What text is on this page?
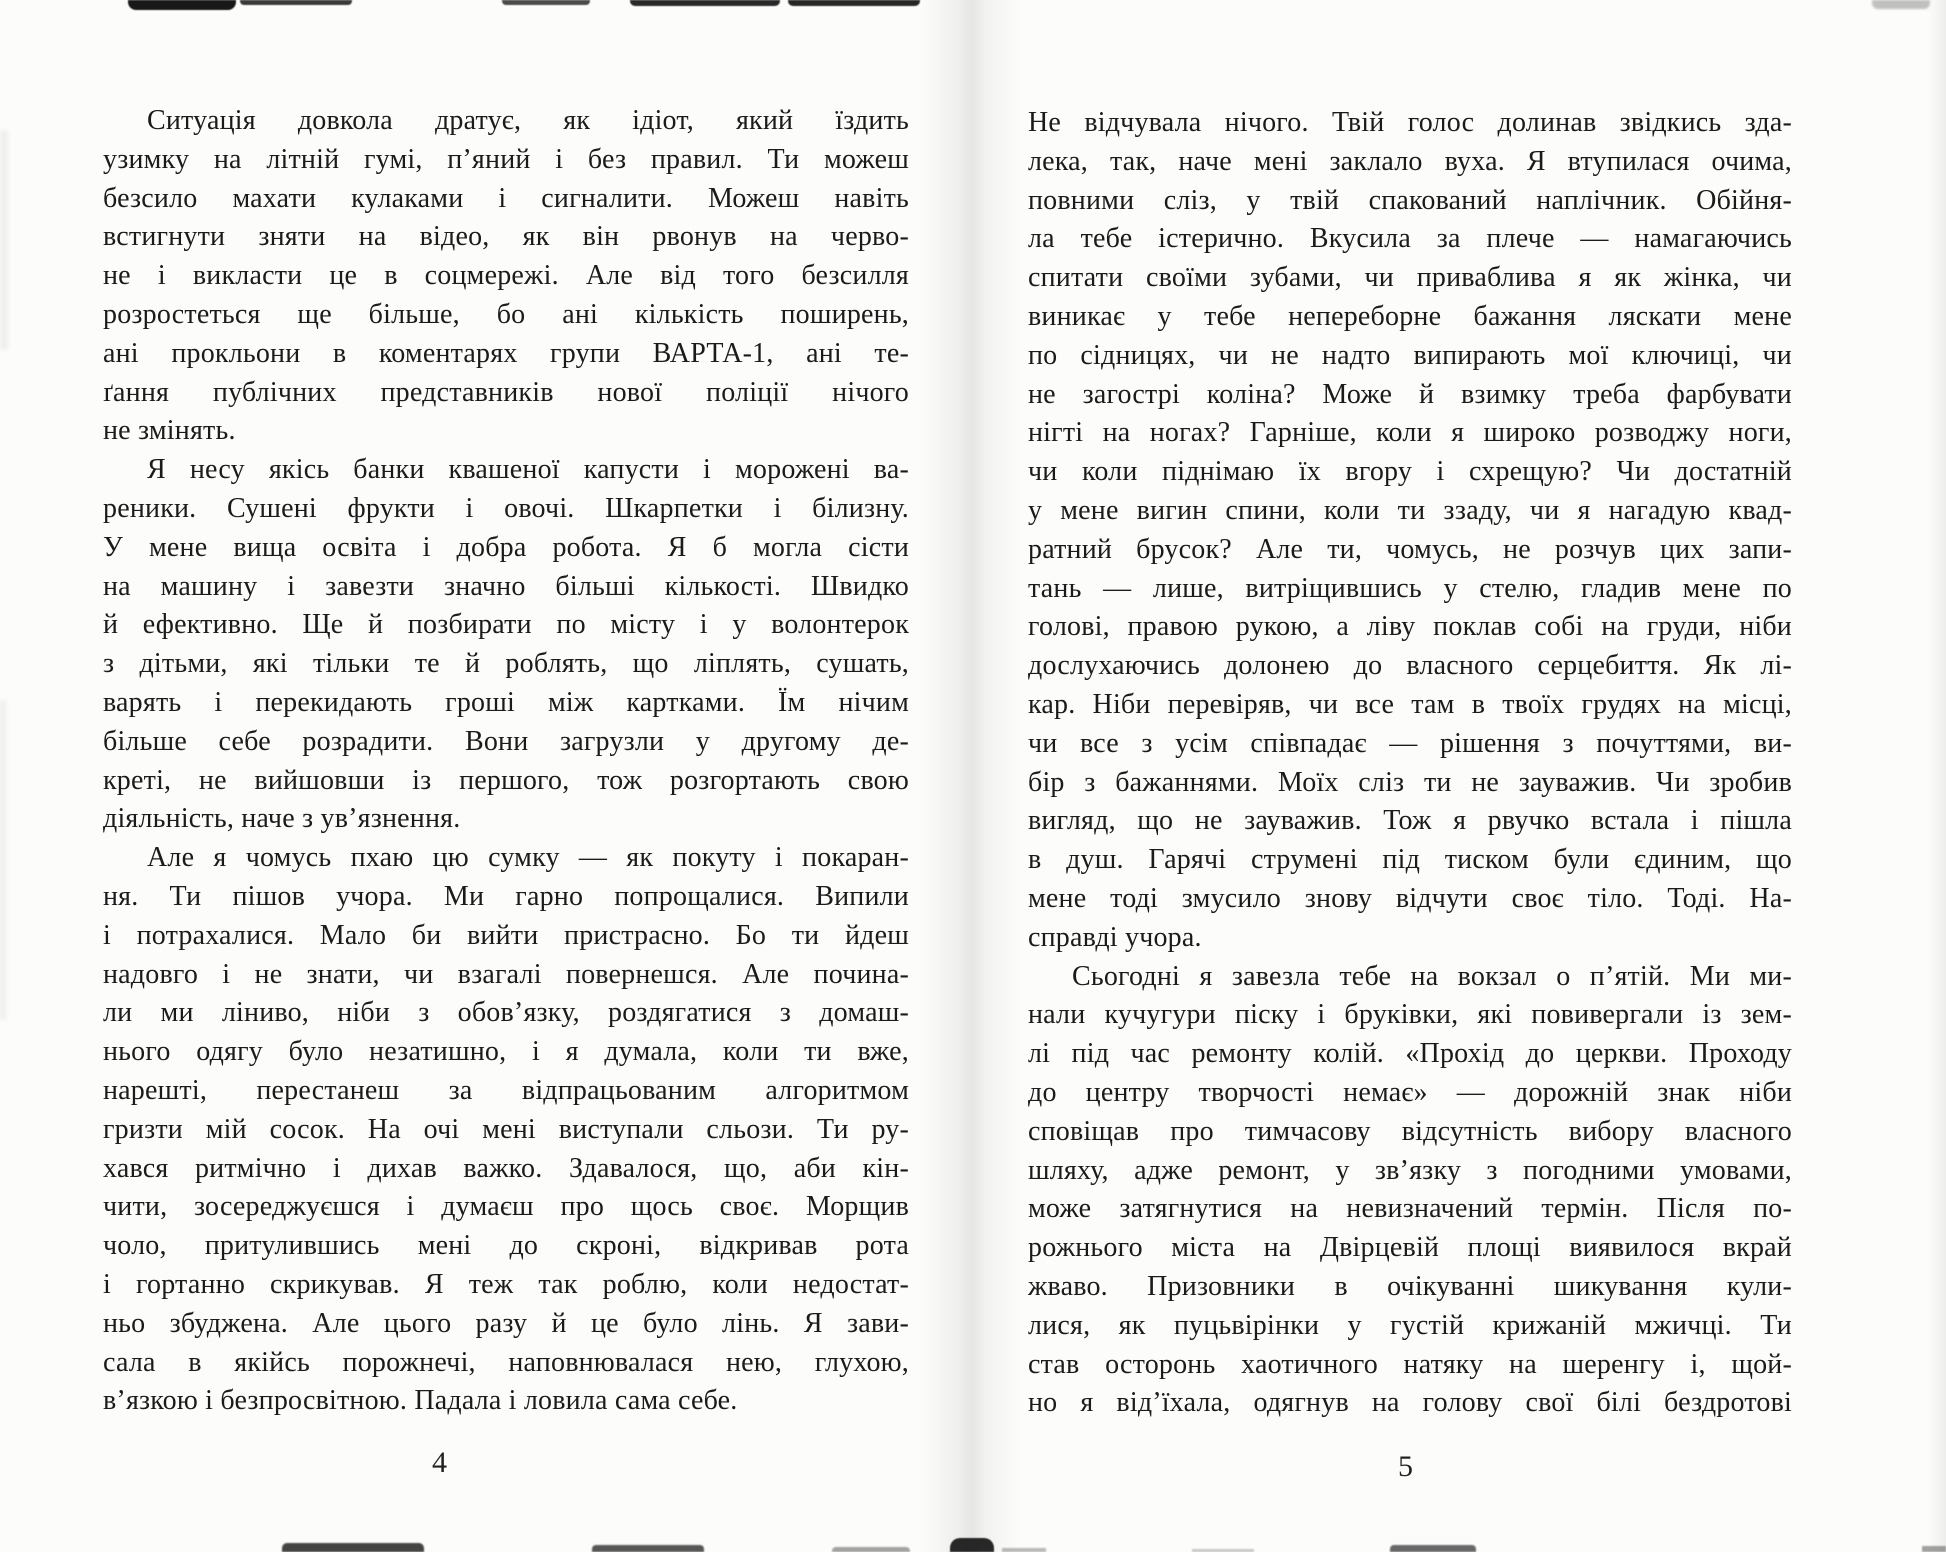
Ситуація довкола дратує, як ідіот, який їздить
узимку на літній гумі, п’яний і без правил. Ти можеш
безсило махати кулаками і сигналити. Можеш навіть
встигнути зняти на відео, як він рвонув на черво-
не і викласти це в соцмережі. Але від того безсилля
розростеться ще більше, бо ані кількість поширень,
ані прокльони в коментарях групи ВАРТА-1, ані те-
ґання публічних представників нової поліції нічого
не змінять.
Я несу якісь банки квашеної капусти і морожені ва-
реники. Сушені фрукти і овочі. Шкарпетки і білизну.
У мене вища освіта і добра робота. Я б могла сісти
на машину і завезти значно більші кількості. Швидко
й ефективно. Ще й позбирати по місту і у волонтерок
з дітьми, які тільки те й роблять, що ліплять, сушать,
варять і перекидають гроші між картками. Їм нічим
більше себе розрадити. Вони загрузли у другому де-
креті, не вийшовши із першого, тож розгортають свою
діяльність, наче з ув’язнення.
Але я чомусь пхаю цю сумку — як покуту і покаран-
ня. Ти пішов учора. Ми гарно попрощалися. Випили
і потрахалися. Мало би вийти пристрасно. Бо ти йдеш
надовго і не знати, чи взагалі повернешся. Але почина-
ли ми ліниво, ніби з обов’язку, роздягатися з домаш-
нього одягу було незатишно, і я думала, коли ти вже,
нарешті, перестанеш за відпрацьованим алгоритмом
гризти мій сосок. На очі мені виступали сльози. Ти ру-
хався ритмічно і дихав важко. Здавалося, що, аби кін-
чити, зосереджуєшся і думаєш про щось своє. Морщив
чоло, притулившись мені до скроні, відкривав рота
і гортанно скрикував. Я теж так роблю, коли недостат-
ньо збуджена. Але цього разу й це було лінь. Я зави-
сала в якійсь порожнечі, наповнювалася нею, глухою,
в’язкою і безпросвітною. Падала і ловила сама себе.
4
Не відчувала нічого. Твій голос долинав звідкись зда-
лека, так, наче мені заклало вуха. Я втупилася очима,
повними сліз, у твій спакований наплічник. Обійня-
ла тебе істерично. Вкусила за плече — намагаючись
спитати своїми зубами, чи приваблива я як жінка, чи
виникає у тебе непереборне бажання ляскати мене
по сідницях, чи не надто випирають мої ключиці, чи
не загострі коліна? Може й взимку треба фарбувати
нігті на ногах? Гарніше, коли я широко розводжу ноги,
чи коли піднімаю їх вгору і схрещую? Чи достатній
у мене вигин спини, коли ти ззаду, чи я нагадую квад-
ратний брусок? Але ти, чомусь, не розчув цих запи-
тань — лише, витріщившись у стелю, гладив мене по
голові, правою рукою, а ліву поклав собі на груди, ніби
дослухаючись долонею до власного серцебиття. Як лі-
кар. Ніби перевіряв, чи все там в твоїх грудях на місці,
чи все з усім співпадає — рішення з почуттями, ви-
бір з бажаннями. Моїх сліз ти не зауважив. Чи зробив
вигляд, що не зауважив. Тож я рвучко встала і пішла
в душ. Гарячі струмені під тиском були єдиним, що
мене тоді змусило знову відчути своє тіло. Тоді. На-
справді учора.
Сьогодні я завезла тебе на вокзал о п’ятій. Ми ми-
нали кучугури піску і бруківки, які повивергали із зем-
лі під час ремонту колій. «Прохід до церкви. Проходу
до центру творчості немає» — дорожній знак ніби
сповіщав про тимчасову відсутність вибору власного
шляху, адже ремонт, у зв’язку з погодними умовами,
може затягнутися на невизначений термін. Після по-
рожнього міста на Двірцевій площі виявилося вкрай
жваво. Призовники в очікуванні шикування кули-
лися, як пуцьвірінки у густій крижаній мжичці. Ти
став осторонь хаотичного натяку на шеренгу і, щой-
но я від’їхала, одягнув на голову свої білі бездротові
5
